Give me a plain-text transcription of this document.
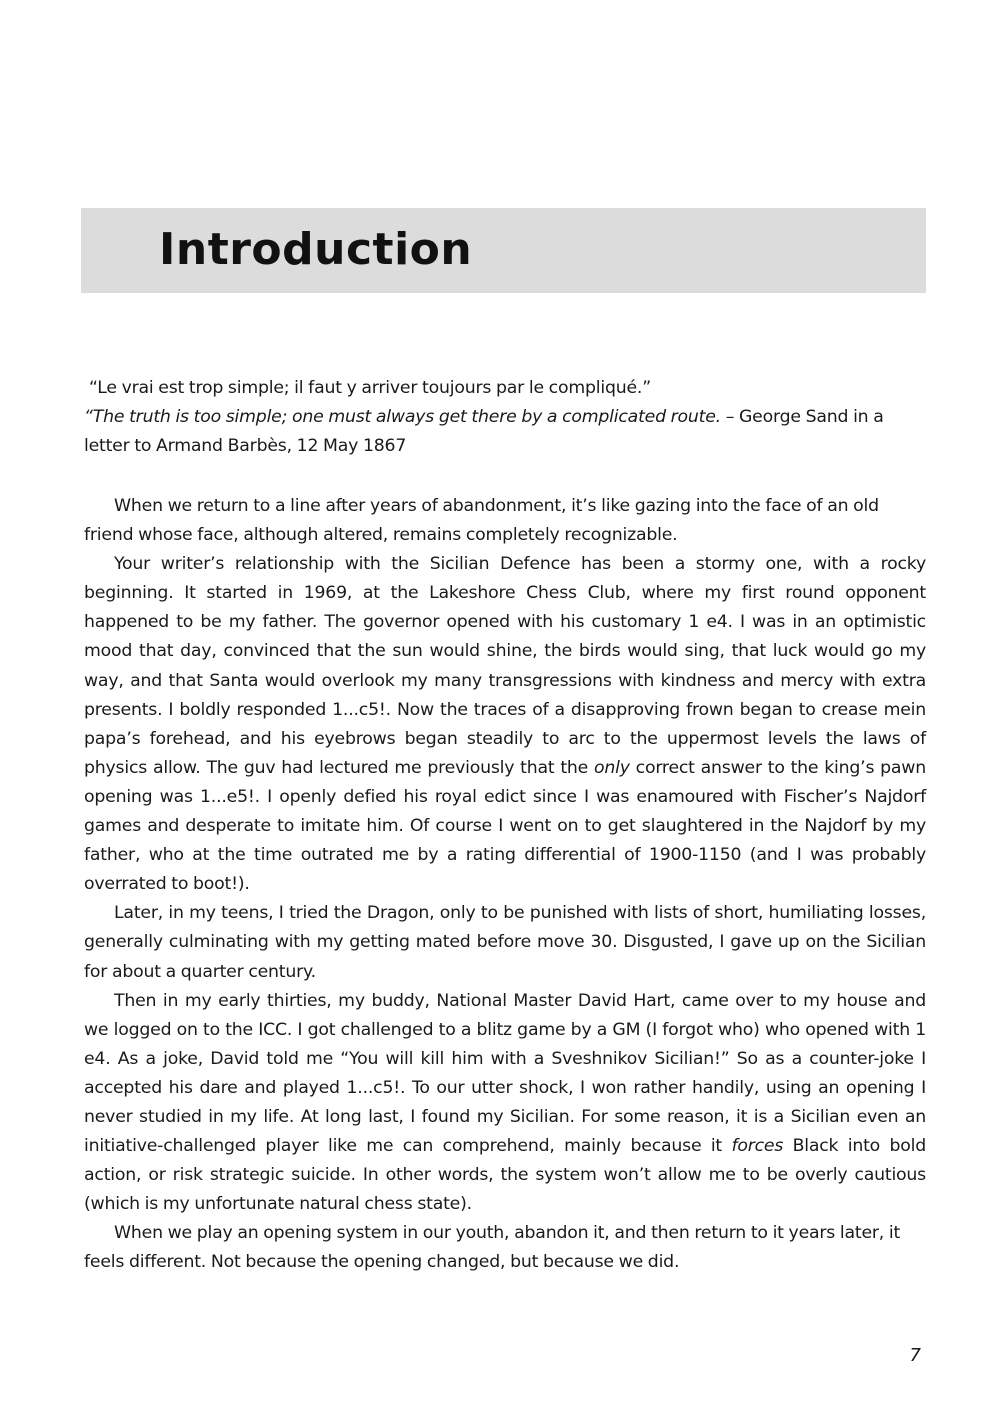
Introduction

“Le vrai est trop simple; il faut y arriver toujours par le compliqué.”

“The truth is too simple; one must always get there by a complicated route. – George Sand in a letter to Armand Barbès, 12 May 1867

When we return to a line after years of abandonment, it’s like gazing into the face of an old friend whose face, although altered, remains completely recognizable.

Your writer’s relationship with the Sicilian Defence has been a stormy one, with a rocky beginning. It started in 1969, at the Lakeshore Chess Club, where my first round opponent happened to be my father. The governor opened with his customary 1 e4. I was in an optimistic mood that day, convinced that the sun would shine, the birds would sing, that luck would go my way, and that Santa would overlook my many transgressions with kindness and mercy with extra presents. I boldly responded 1...c5!. Now the traces of a disapproving frown began to crease mein papa’s forehead, and his eyebrows began steadily to arc to the uppermost levels the laws of physics allow. The guv had lectured me previously that the only correct answer to the king’s pawn opening was 1...e5!. I openly defied his royal edict since I was enamoured with Fischer’s Najdorf games and desperate to imitate him. Of course I went on to get slaughtered in the Najdorf by my father, who at the time outrated me by a rating differential of 1900-1150 (and I was probably overrated to boot!).

Later, in my teens, I tried the Dragon, only to be punished with lists of short, humiliating losses, generally culminating with my getting mated before move 30. Disgusted, I gave up on the Sicilian for about a quarter century.

Then in my early thirties, my buddy, National Master David Hart, came over to my house and we logged on to the ICC. I got challenged to a blitz game by a GM (I forgot who) who opened with 1 e4. As a joke, David told me “You will kill him with a Sveshnikov Sicilian!” So as a counter-joke I accepted his dare and played 1...c5!. To our utter shock, I won rather handily, using an opening I never studied in my life. At long last, I found my Sicilian. For some reason, it is a Sicilian even an initiative-challenged player like me can comprehend, mainly because it forces Black into bold action, or risk strategic suicide. In other words, the system won’t allow me to be overly cautious (which is my unfortunate natural chess state).

When we play an opening system in our youth, abandon it, and then return to it years later, it feels different. Not because the opening changed, but because we did.

7
